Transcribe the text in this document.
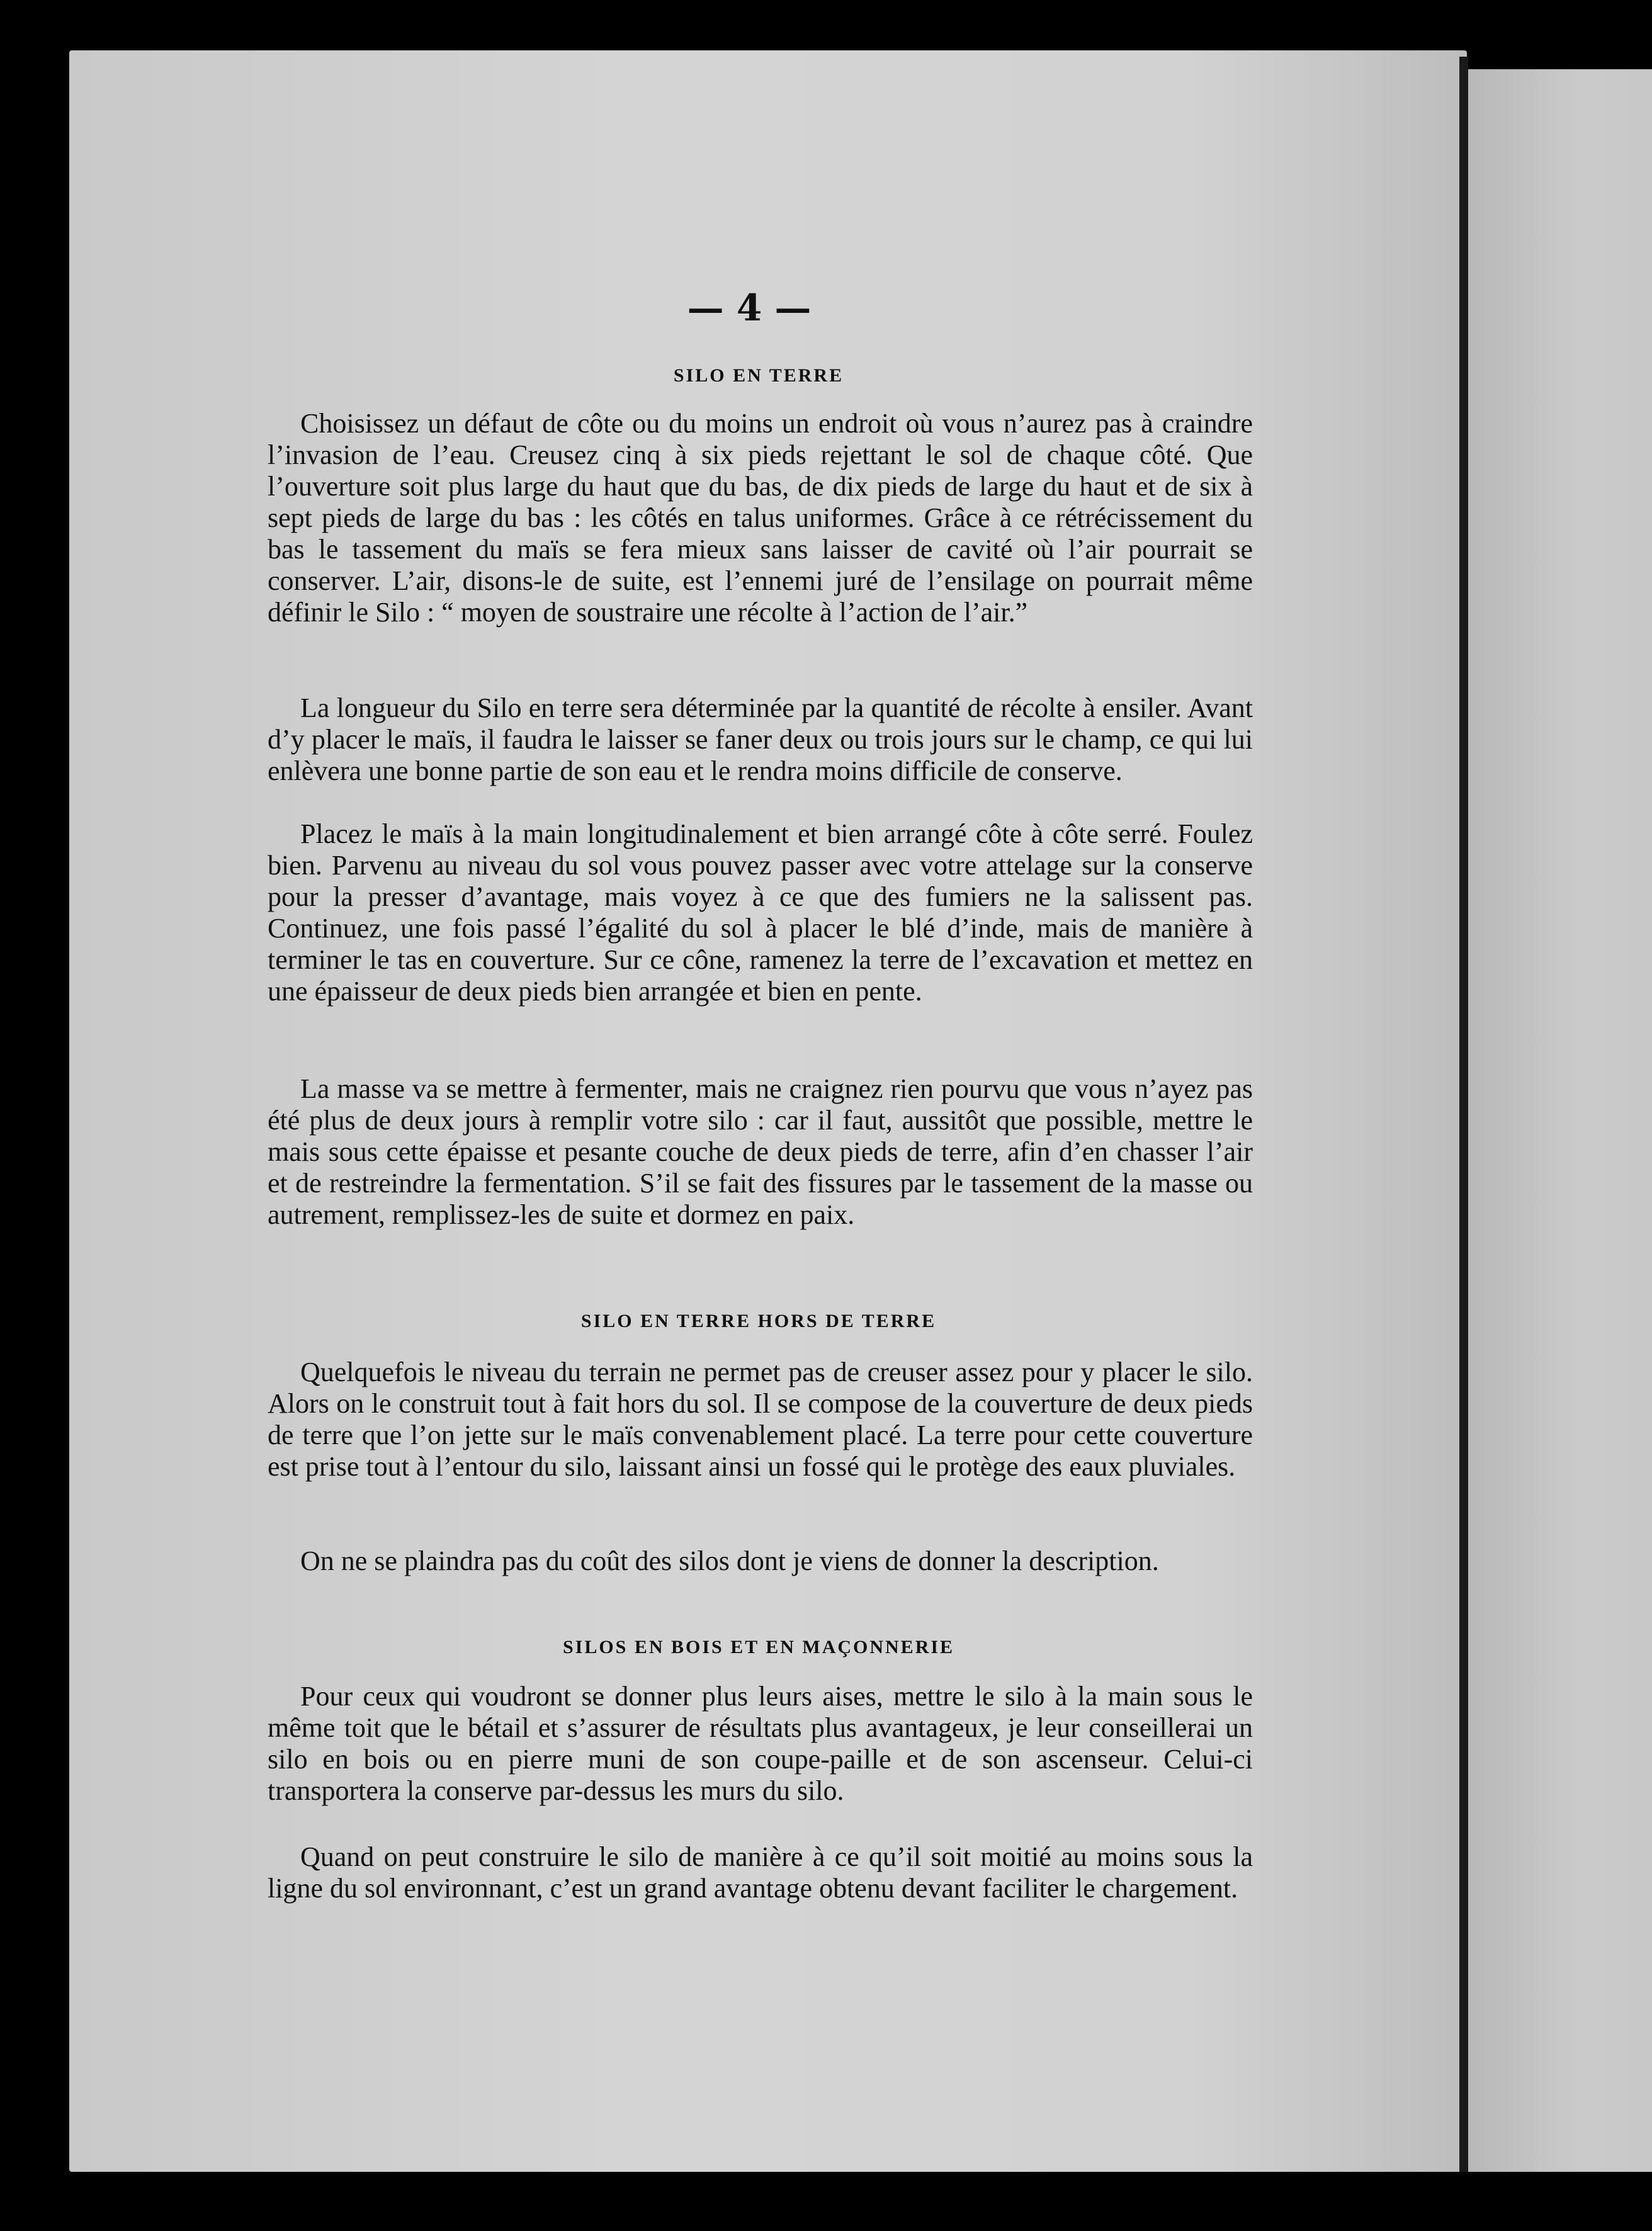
— 4 —

SILO EN TERRE

Choisissez un défaut de côte ou du moins un endroit où vous n’aurez pas à craindre l’invasion de l’eau. Creusez cinq à six pieds rejettant le sol de chaque côté. Que l’ouverture soit plus large du haut que du bas, de dix pieds de large du haut et de six à sept pieds de large du bas : les côtés en talus uniformes. Grâce à ce rétrécissement du bas le tassement du maïs se fera mieux sans laisser de cavité où l’air pourrait se conserver. L’air, disons-le de suite, est l’ennemi juré de l’ensilage on pourrait même définir le Silo : “ moyen de soustraire une récolte à l’action de l’air.”

La longueur du Silo en terre sera déterminée par la quantité de récolte à ensiler. Avant d’y placer le maïs, il faudra le laisser se faner deux ou trois jours sur le champ, ce qui lui enlèvera une bonne partie de son eau et le rendra moins difficile de conserve.

Placez le maïs à la main longitudinalement et bien arrangé côte à côte serré. Foulez bien. Parvenu au niveau du sol vous pouvez passer avec votre attelage sur la conserve pour la presser d’avantage, mais voyez à ce que des fumiers ne la salissent pas. Continuez, une fois passé l’égalité du sol à placer le blé d’inde, mais de manière à terminer le tas en couverture. Sur ce cône, ramenez la terre de l’excavation et mettez en une épaisseur de deux pieds bien arrangée et bien en pente.

La masse va se mettre à fermenter, mais ne craignez rien pourvu que vous n’ayez pas été plus de deux jours à remplir votre silo : car il faut, aussitôt que possible, mettre le mais sous cette épaisse et pesante couche de deux pieds de terre, afin d’en chasser l’air et de restreindre la fermentation. S’il se fait des fissures par le tassement de la masse ou autrement, remplissez-les de suite et dormez en paix.

SILO EN TERRE HORS DE TERRE

Quelquefois le niveau du terrain ne permet pas de creuser assez pour y placer le silo. Alors on le construit tout à fait hors du sol. Il se compose de la couverture de deux pieds de terre que l’on jette sur le maïs convenablement placé. La terre pour cette couverture est prise tout à l’entour du silo, laissant ainsi un fossé qui le protège des eaux pluviales.

On ne se plaindra pas du coût des silos dont je viens de donner la description.

SILOS EN BOIS ET EN MAÇONNERIE

Pour ceux qui voudront se donner plus leurs aises, mettre le silo à la main sous le même toit que le bétail et s’assurer de résultats plus avantageux, je leur conseillerai un silo en bois ou en pierre muni de son coupe-paille et de son ascenseur. Celui-ci transportera la conserve par-dessus les murs du silo.

Quand on peut construire le silo de manière à ce qu’il soit moitié au moins sous la ligne du sol environnant, c’est un grand avantage obtenu devant faciliter le chargement.
